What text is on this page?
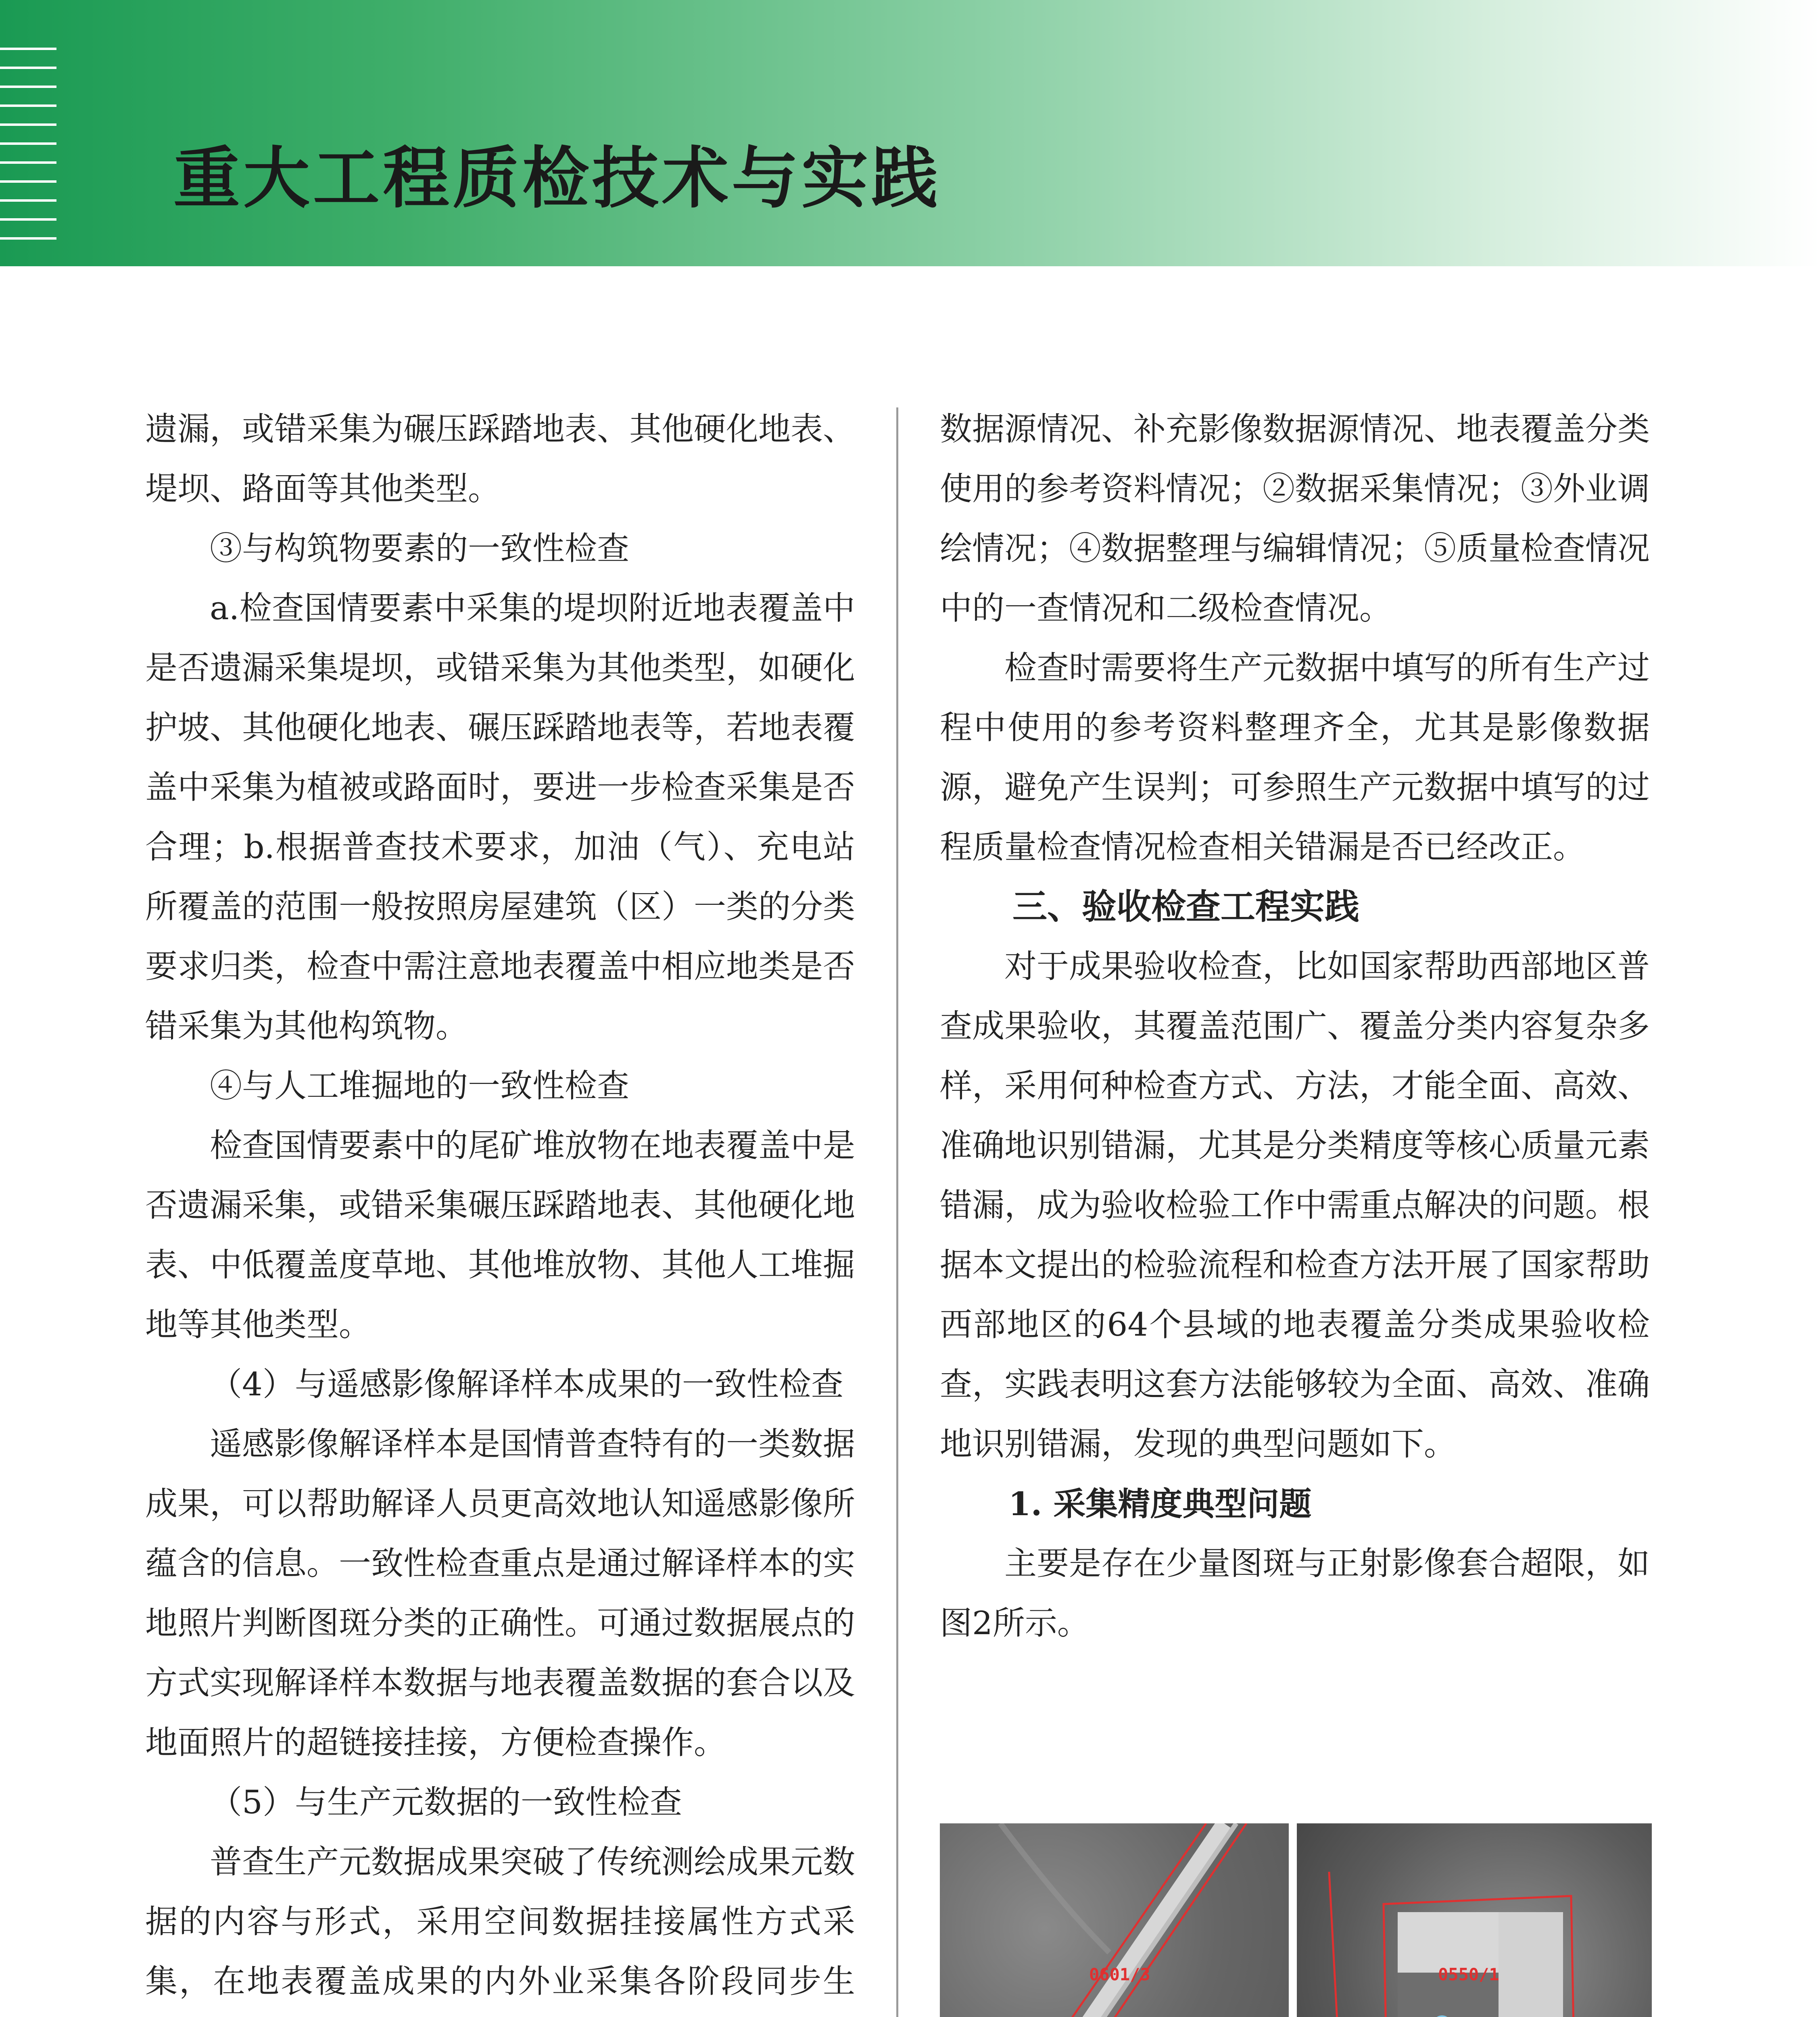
重大工程质检技术与实践

遗漏，或错采集为碾压踩踏地表、其他硬化地表、堤坝、路面等其他类型。

③与构筑物要素的一致性检查

a.检查国情要素中采集的堤坝附近地表覆盖中是否遗漏采集堤坝，或错采集为其他类型，如硬化护坡、其他硬化地表、碾压踩踏地表等，若地表覆盖中采集为植被或路面时，要进一步检查采集是否合理；b.根据普查技术要求，加油（气）、充电站所覆盖的范围一般按照房屋建筑（区）一类的分类要求归类，检查中需注意地表覆盖中相应地类是否错采集为其他构筑物。

④与人工堆掘地的一致性检查

检查国情要素中的尾矿堆放物在地表覆盖中是否遗漏采集，或错采集碾压踩踏地表、其他硬化地表、中低覆盖度草地、其他堆放物、其他人工堆掘地等其他类型。

（4）与遥感影像解译样本成果的一致性检查

遥感影像解译样本是国情普查特有的一类数据成果，可以帮助解译人员更高效地认知遥感影像所蕴含的信息。一致性检查重点是通过解译样本的实地照片判断图斑分类的正确性。可通过数据展点的方式实现解译样本数据与地表覆盖数据的套合以及地面照片的超链接挂接，方便检查操作。

（5）与生产元数据的一致性检查

普查生产元数据成果突破了传统测绘成果元数据的内容与形式，采用空间数据挂接属性方式采集，在地表覆盖成果的内外业采集各阶段同步生

数据源情况、补充影像数据源情况、地表覆盖分类使用的参考资料情况；②数据采集情况；③外业调绘情况；④数据整理与编辑情况；⑤质量检查情况中的一查情况和二级检查情况。

检查时需要将生产元数据中填写的所有生产过程中使用的参考资料整理齐全，尤其是影像数据源，避免产生误判；可参照生产元数据中填写的过程质量检查情况检查相关错漏是否已经改正。

三、验收检查工程实践

对于成果验收检查，比如国家帮助西部地区普查成果验收，其覆盖范围广、覆盖分类内容复杂多样，采用何种检查方式、方法，才能全面、高效、准确地识别错漏，尤其是分类精度等核心质量元素错漏，成为验收检验工作中需重点解决的问题。根据本文提出的检验流程和检查方法开展了国家帮助西部地区的64个县域的地表覆盖分类成果验收检查，实践表明这套方法能够较为全面、高效、准确地识别错漏，发现的典型问题如下。

1. 采集精度典型问题

主要是存在少量图斑与正射影像套合超限，如图2所示。

0601/3	0550/1
